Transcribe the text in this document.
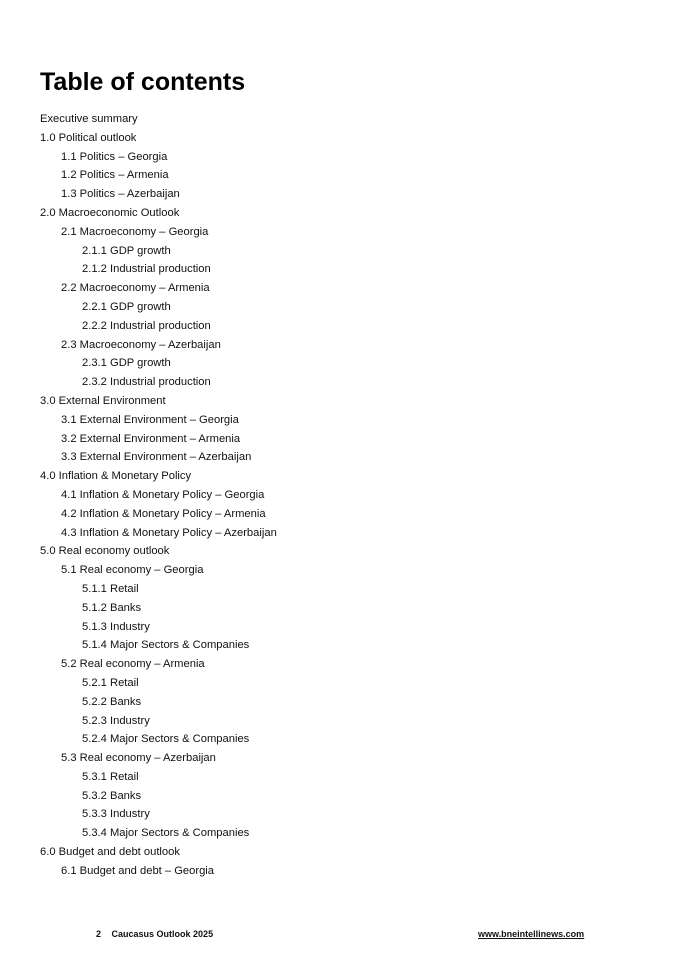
Table of contents
Executive summary
1.0 Political outlook
1.1 Politics – Georgia
1.2 Politics – Armenia
1.3 Politics – Azerbaijan
2.0 Macroeconomic Outlook
2.1 Macroeconomy – Georgia
2.1.1 GDP growth
2.1.2 Industrial production
2.2 Macroeconomy – Armenia
2.2.1 GDP growth
2.2.2 Industrial production
2.3 Macroeconomy – Azerbaijan
2.3.1 GDP growth
2.3.2 Industrial production
3.0 External Environment
3.1 External Environment – Georgia
3.2 External Environment – Armenia
3.3 External Environment – Azerbaijan
4.0 Inflation & Monetary Policy
4.1 Inflation & Monetary Policy – Georgia
4.2 Inflation & Monetary Policy – Armenia
4.3 Inflation & Monetary Policy – Azerbaijan
5.0 Real economy outlook
5.1 Real economy – Georgia
5.1.1 Retail
5.1.2 Banks
5.1.3 Industry
5.1.4 Major Sectors & Companies
5.2 Real economy – Armenia
5.2.1 Retail
5.2.2 Banks
5.2.3 Industry
5.2.4 Major Sectors & Companies
5.3 Real economy – Azerbaijan
5.3.1 Retail
5.3.2 Banks
5.3.3 Industry
5.3.4 Major Sectors & Companies
6.0 Budget and debt outlook
6.1 Budget and debt – Georgia
2 Caucasus Outlook 2025	www.bneintellinews.com
